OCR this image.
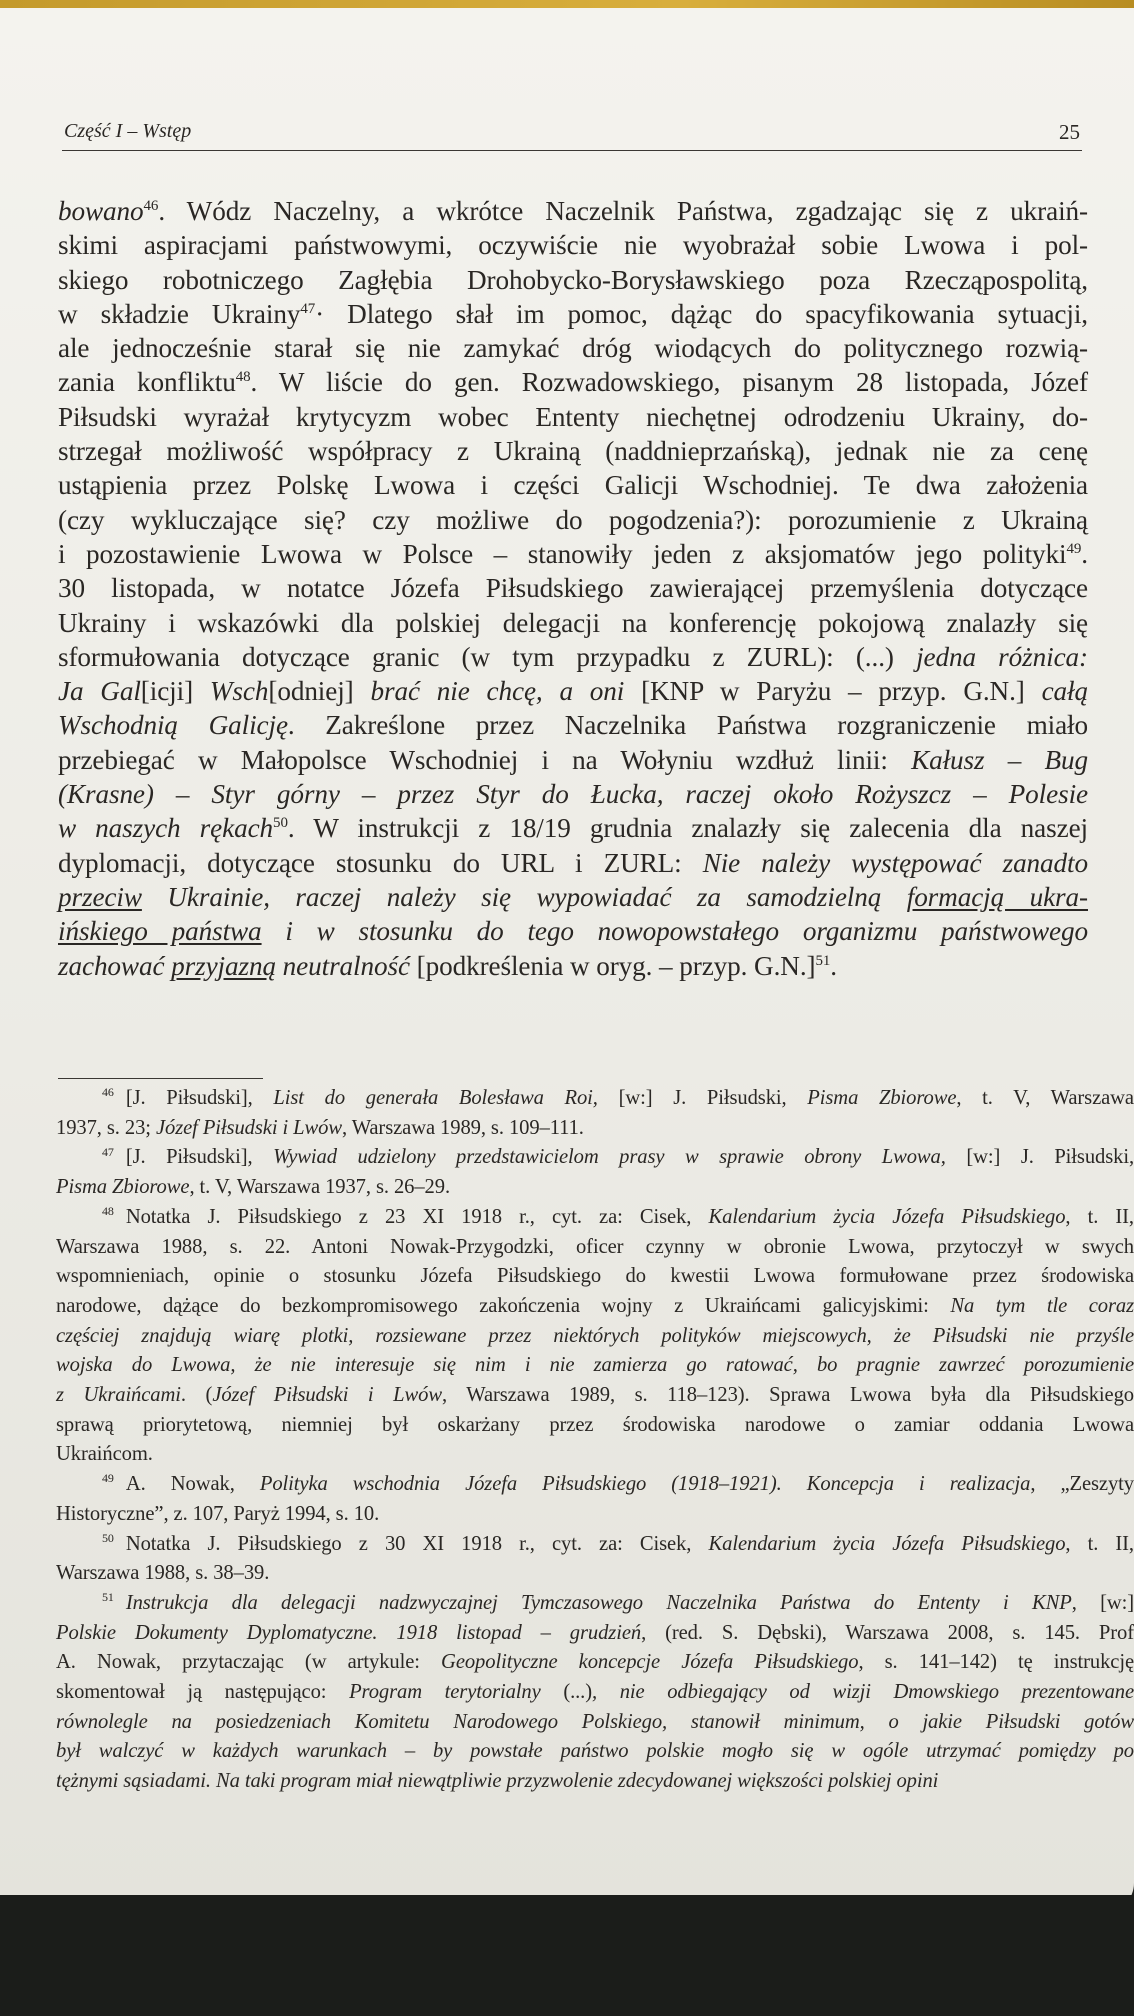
Część I – Wstęp	25
bowano$^{46}$. Wódz Naczelny, a wkrótce Naczelnik Państwa, zgadzając się z ukraiń-
skimi aspiracjami państwowymi, oczywiście nie wyobrażał sobie Lwowa i pol-
skiego robotniczego Zagłębia Drohobycko-Borysławskiego poza Rzecząpospolitą,
w składzie Ukrainy$^{47}$· Dlatego słał im pomoc, dążąc do spacyfikowania sytuacji,
ale jednocześnie starał się nie zamykać dróg wiodących do politycznego rozwią-
zania konfliktu$^{48}$. W liście do gen. Rozwadowskiego, pisanym 28 listopada, Józef
Piłsudski wyrażał krytycyzm wobec Ententy niechętnej odrodzeniu Ukrainy, do-
strzegał możliwość współpracy z Ukrainą (naddnieprzańską), jednak nie za cenę
ustąpienia przez Polskę Lwowa i części Galicji Wschodniej. Te dwa założenia
(czy wykluczające się? czy możliwe do pogodzenia?): porozumienie z Ukrainą
i pozostawienie Lwowa w Polsce – stanowiły jeden z aksjomatów jego polityki$^{49}$.
30 listopada, w notatce Józefa Piłsudskiego zawierającej przemyślenia dotyczące
Ukrainy i wskazówki dla polskiej delegacji na konferencję pokojową znalazły się
sformułowania dotyczące granic (w tym przypadku z ZURL): (...) jedna różnica:
Ja Gal[icji] Wsch[odniej] brać nie chcę, a oni [KNP w Paryżu – przyp. G.N.] całą
Wschodnią Galicję. Zakreślone przez Naczelnika Państwa rozgraniczenie miało
przebiegać w Małopolsce Wschodniej i na Wołyniu wzdłuż linii: Kałusz – Bug
(Krasne) – Styr górny – przez Styr do Łucka, raczej około Rożyszcz – Polesie
w naszych rękach$^{50}$. W instrukcji z 18/19 grudnia znalazły się zalecenia dla naszej
dyplomacji, dotyczące stosunku do URL i ZURL: Nie należy występować zanadto
przeciw Ukrainie, raczej należy się wypowiadać za samodzielną formacją ukra-
ińskiego państwa i w stosunku do tego nowopowstałego organizmu państwowego
zachować przyjazną neutralność [podkreślenia w oryg. – przyp. G.N.]$^{51}$.
$^{46}$ [J. Piłsudski], List do generała Bolesława Roi, [w:] J. Piłsudski, Pisma Zbiorowe, t. V, Warszawa
1937, s. 23; Józef Piłsudski i Lwów, Warszawa 1989, s. 109–111.
$^{47}$ [J. Piłsudski], Wywiad udzielony przedstawicielom prasy w sprawie obrony Lwowa, [w:] J. Piłsudski,
Pisma Zbiorowe, t. V, Warszawa 1937, s. 26–29.
$^{48}$ Notatka J. Piłsudskiego z 23 XI 1918 r., cyt. za: Cisek, Kalendarium życia Józefa Piłsudskiego, t. II,
Warszawa 1988, s. 22. Antoni Nowak-Przygodzki, oficer czynny w obronie Lwowa, przytoczył w swych
wspomnieniach, opinie o stosunku Józefa Piłsudskiego do kwestii Lwowa formułowane przez środowiska
narodowe, dążące do bezkompromisowego zakończenia wojny z Ukraińcami galicyjskimi: Na tym tle coraz
częściej znajdują wiarę plotki, rozsiewane przez niektórych polityków miejscowych, że Piłsudski nie przyśle
wojska do Lwowa, że nie interesuje się nim i nie zamierza go ratować, bo pragnie zawrzeć porozumienie
z Ukraińcami. (Józef Piłsudski i Lwów, Warszawa 1989, s. 118–123). Sprawa Lwowa była dla Piłsudskiego
sprawą priorytetową, niemniej był oskarżany przez środowiska narodowe o zamiar oddania Lwowa
Ukraińcom.
$^{49}$ A. Nowak, Polityka wschodnia Józefa Piłsudskiego (1918–1921). Koncepcja i realizacja, „Zeszyty
Historyczne”, z. 107, Paryż 1994, s. 10.
$^{50}$ Notatka J. Piłsudskiego z 30 XI 1918 r., cyt. za: Cisek, Kalendarium życia Józefa Piłsudskiego, t. II,
Warszawa 1988, s. 38–39.
$^{51}$ Instrukcja dla delegacji nadzwyczajnej Tymczasowego Naczelnika Państwa do Ententy i KNP, [w:]
Polskie Dokumenty Dyplomatyczne. 1918 listopad – grudzień, (red. S. Dębski), Warszawa 2008, s. 145. Prof
A. Nowak, przytaczając (w artykule: Geopolityczne koncepcje Józefa Piłsudskiego, s. 141–142) tę instrukcję
skomentował ją następująco: Program terytorialny (...), nie odbiegający od wizji Dmowskiego prezentowane
równolegle na posiedzeniach Komitetu Narodowego Polskiego, stanowił minimum, o jakie Piłsudski gotów
był walczyć w każdych warunkach – by powstałe państwo polskie mogło się w ogóle utrzymać pomiędzy po
tężnymi sąsiadami. Na taki program miał niewątpliwie przyzwolenie zdecydowanej większości polskiej opini
